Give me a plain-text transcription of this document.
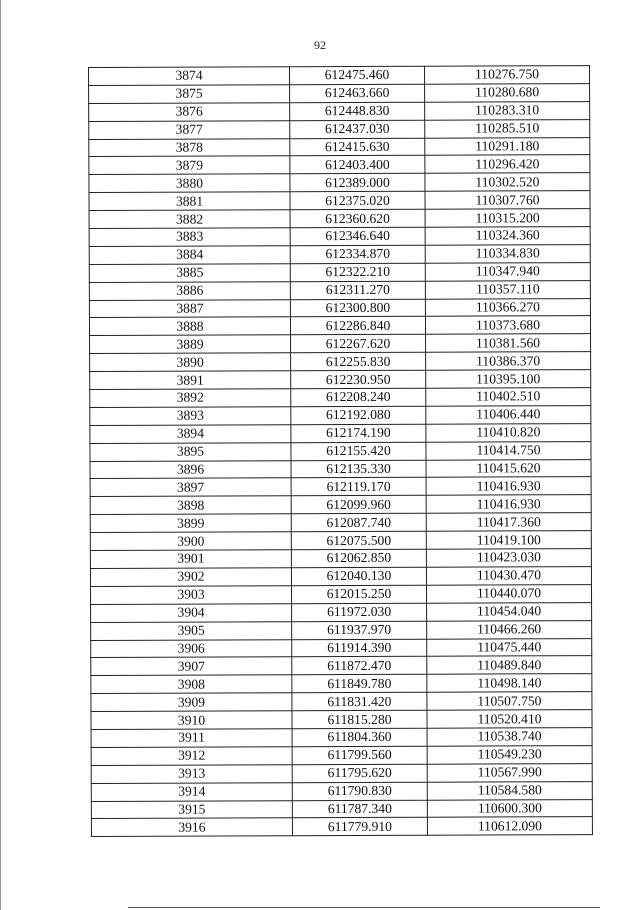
92
3874	612475.460	110276.750
3875	612463.660	110280.680
3876	612448.830	110283.310
3877	612437.030	110285.510
3878	612415.630	110291.180
3879	612403.400	110296.420
3880	612389.000	110302.520
3881	612375.020	110307.760
3882	612360.620	110315.200
3883	612346.640	110324.360
3884	612334.870	110334.830
3885	612322.210	110347.940
3886	612311.270	110357.110
3887	612300.800	110366.270
3888	612286.840	110373.680
3889	612267.620	110381.560
3890	612255.830	110386.370
3891	612230.950	110395.100
3892	612208.240	110402.510
3893	612192.080	110406.440
3894	612174.190	110410.820
3895	612155.420	110414.750
3896	612135.330	110415.620
3897	612119.170	110416.930
3898	612099.960	110416.930
3899	612087.740	110417.360
3900	612075.500	110419.100
3901	612062.850	110423.030
3902	612040.130	110430.470
3903	612015.250	110440.070
3904	611972.030	110454.040
3905	611937.970	110466.260
3906	611914.390	110475.440
3907	611872.470	110489.840
3908	611849.780	110498.140
3909	611831.420	110507.750
3910	611815.280	110520.410
3911	611804.360	110538.740
3912	611799.560	110549.230
3913	611795.620	110567.990
3914	611790.830	110584.580
3915	611787.340	110600.300
3916	611779.910	110612.090
